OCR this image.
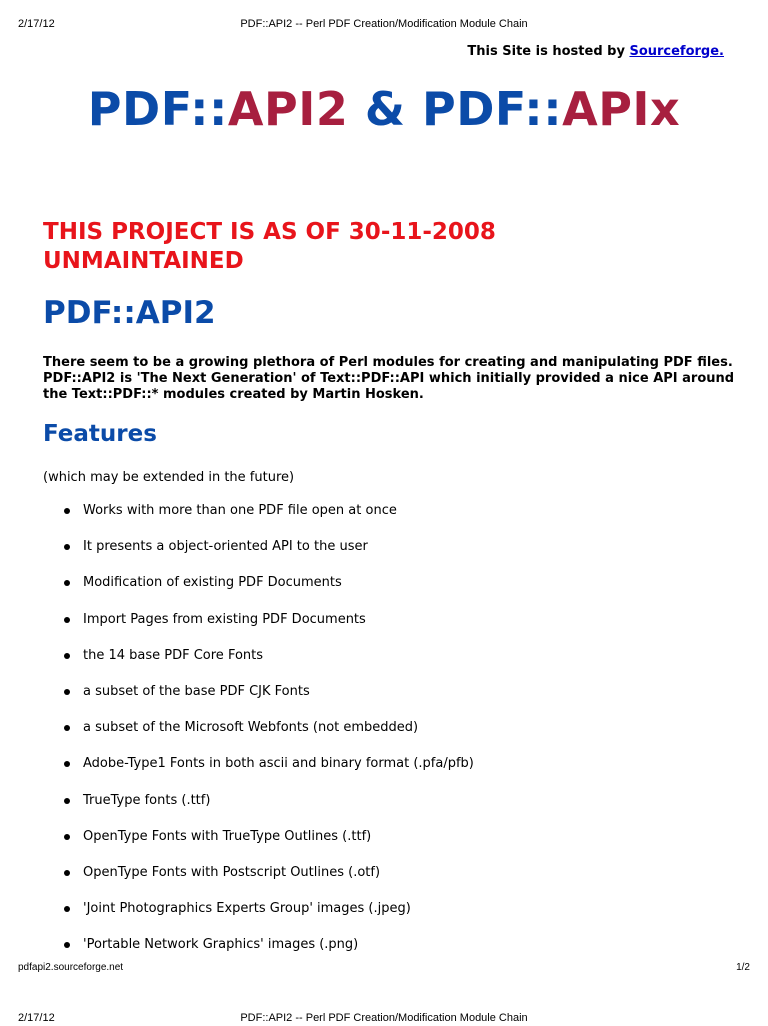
2/17/12	PDF::API2 -- Perl PDF Creation/Modification Module Chain
This Site is hosted by Sourceforge.
PDF::API2 & PDF::APIx
THIS PROJECT IS AS OF 30-11-2008
UNMAINTAINED
PDF::API2
There seem to be a growing plethora of Perl modules for creating and manipulating PDF files.
PDF::API2 is 'The Next Generation' of Text::PDF::API which initially provided a nice API around
the Text::PDF::* modules created by Martin Hosken.
Features
(which may be extended in the future)
Works with more than one PDF file open at once
It presents a object-oriented API to the user
Modification of existing PDF Documents
Import Pages from existing PDF Documents
the 14 base PDF Core Fonts
a subset of the base PDF CJK Fonts
a subset of the Microsoft Webfonts (not embedded)
Adobe-Type1 Fonts in both ascii and binary format (.pfa/pfb)
TrueType fonts (.ttf)
OpenType Fonts with TrueType Outlines (.ttf)
OpenType Fonts with Postscript Outlines (.otf)
'Joint Photographics Experts Group' images (.jpeg)
'Portable Network Graphics' images (.png)
pdfapi2.sourceforge.net	1/2
2/17/12	PDF::API2 -- Perl PDF Creation/Modification Module Chain
